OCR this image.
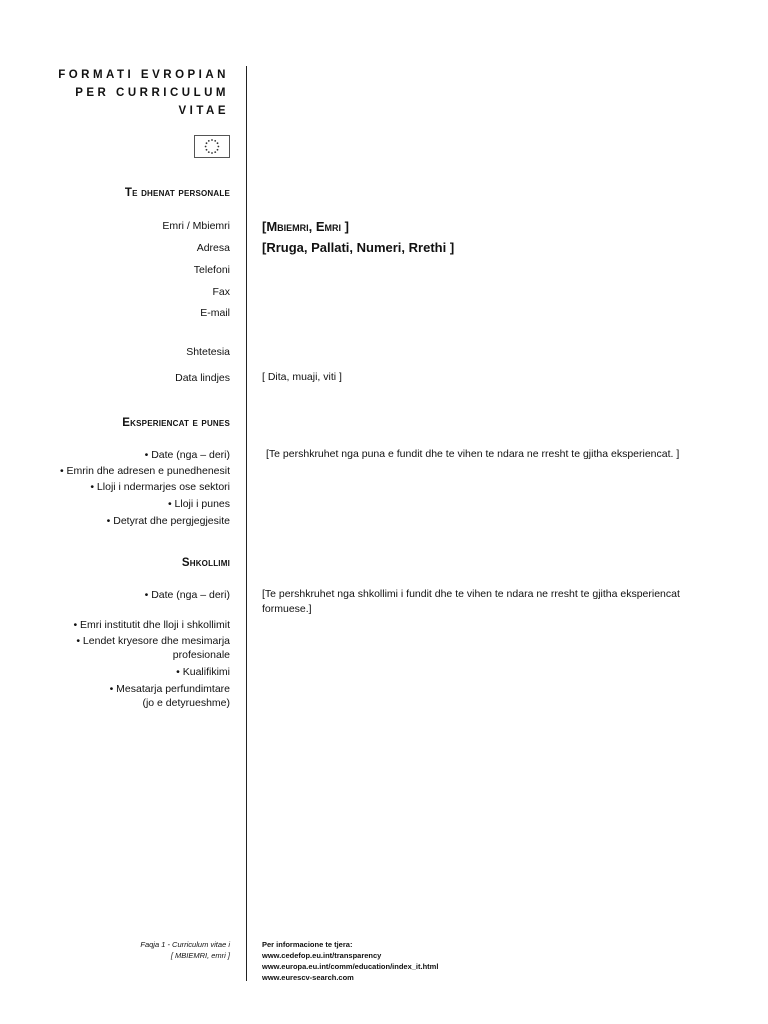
FORMATI EVROPIAN
PER CURRICULUM
VITAE
Te dhenat personale
Emri / Mbiemri
Adresa
Telefoni
Fax
E-mail
Shtetesia
Data lindjes
[Mbiemri, Emri ]
[Rruga, Pallati, Numeri, Rrethi ]
[ Dita, muaji, viti ]
Eksperiencat e punes
• Date (nga – deri)
• Emrin dhe adresen e punedhenesit
• Lloji i ndermarjes ose sektori
• Lloji i punes
• Detyrat dhe pergjegjesite
[Te pershkruhet nga puna e fundit dhe te vihen te ndara ne rresht te gjitha eksperiencat. ]
Shkollimi
• Date (nga – deri)
• Emri institutit dhe lloji i shkollimit
• Lendet kryesore dhe mesimarja
profesionale
• Kualifikimi
• Mesatarja perfundimtare
(jo e detyrueshme)
[Te pershkruhet nga shkollimi i fundit dhe te vihen te ndara ne rresht te gjitha eksperiencat
formuese.]
Faqja 1 - Curriculum vitae i
[ MBIEMRI, emri ]
Per informacione te tjera:
www.cedefop.eu.int/transparency
www.europa.eu.int/comm/education/index_it.html
www.eurescv-search.com
